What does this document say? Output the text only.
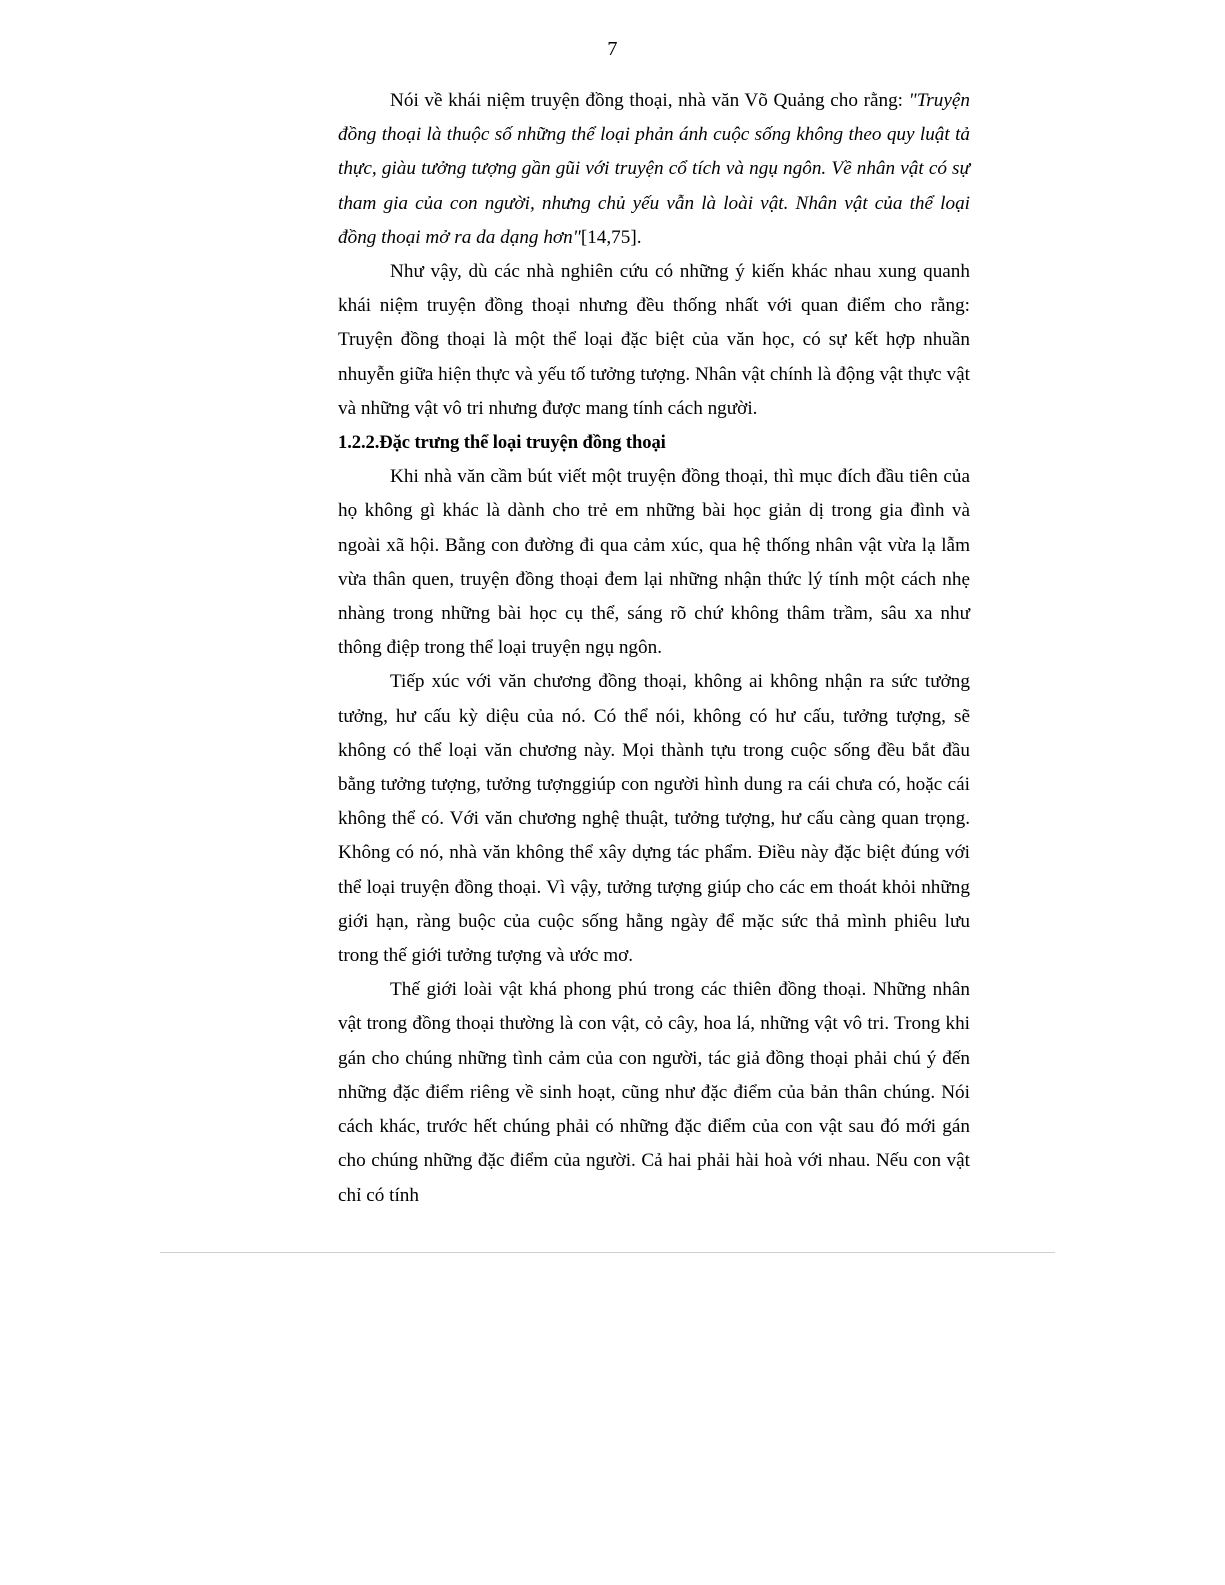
7

Nói về khái niệm truyện đồng thoại, nhà văn Võ Quảng cho rằng: "Truyện đồng thoại là thuộc số những thể loại phản ánh cuộc sống không theo quy luật tả thực, giàu tưởng tượng gần gũi với truyện cổ tích và ngụ ngôn. Về nhân vật có sự tham gia của con người, nhưng chủ yếu vẫn là loài vật. Nhân vật của thể loại đồng thoại mở ra da dạng hơn"[14,75].

Như vậy, dù các nhà nghiên cứu có những ý kiến khác nhau xung quanh khái niệm truyện đồng thoại nhưng đều thống nhất với quan điểm cho rằng: Truyện đồng thoại là một thể loại đặc biệt của văn học, có sự kết hợp nhuần nhuyễn giữa hiện thực và yếu tố tưởng tượng. Nhân vật chính là động vật thực vật và những vật vô tri nhưng được mang tính cách người.

1.2.2.Đặc trưng thể loại truyện đồng thoại

Khi nhà văn cầm bút viết một truyện đồng thoại, thì mục đích đầu tiên của họ không gì khác là dành cho trẻ em những bài học giản dị trong gia đình và ngoài xã hội. Bằng con đường đi qua cảm xúc, qua hệ thống nhân vật vừa lạ lẫm vừa thân quen, truyện đồng thoại đem lại những nhận thức lý tính một cách nhẹ nhàng trong những bài học cụ thể, sáng rõ chứ không thâm trầm, sâu xa như thông điệp trong thể loại truyện ngụ ngôn.

Tiếp xúc với văn chương đồng thoại, không ai không nhận ra sức tưởng tưởng, hư cấu kỳ diệu của nó. Có thể nói, không có hư cấu, tưởng tượng, sẽ không có thể loại văn chương này. Mọi thành tựu trong cuộc sống đều bắt đầu bằng tưởng tượng, tưởng tượnggiúp con người hình dung ra cái chưa có, hoặc cái không thể có. Với văn chương nghệ thuật, tưởng tượng, hư cấu càng quan trọng. Không có nó, nhà văn không thể xây dựng tác phẩm. Điều này đặc biệt đúng với thể loại truyện đồng thoại. Vì vậy, tưởng tượng giúp cho các em thoát khỏi những giới hạn, ràng buộc của cuộc sống hằng ngày để mặc sức thả mình phiêu lưu trong thế giới tưởng tượng và ước mơ.

Thế giới loài vật khá phong phú trong các thiên đồng thoại. Những nhân vật trong đồng thoại thường là con vật, cỏ cây, hoa lá, những vật vô tri. Trong khi gán cho chúng những tình cảm của con người, tác giả đồng thoại phải chú ý đến những đặc điểm riêng về sinh hoạt, cũng như đặc điểm của bản thân chúng. Nói cách khác, trước hết chúng phải có những đặc điểm của con vật sau đó mới gán cho chúng những đặc điểm của người. Cả hai phải hài hoà với nhau. Nếu con vật chỉ có tính
